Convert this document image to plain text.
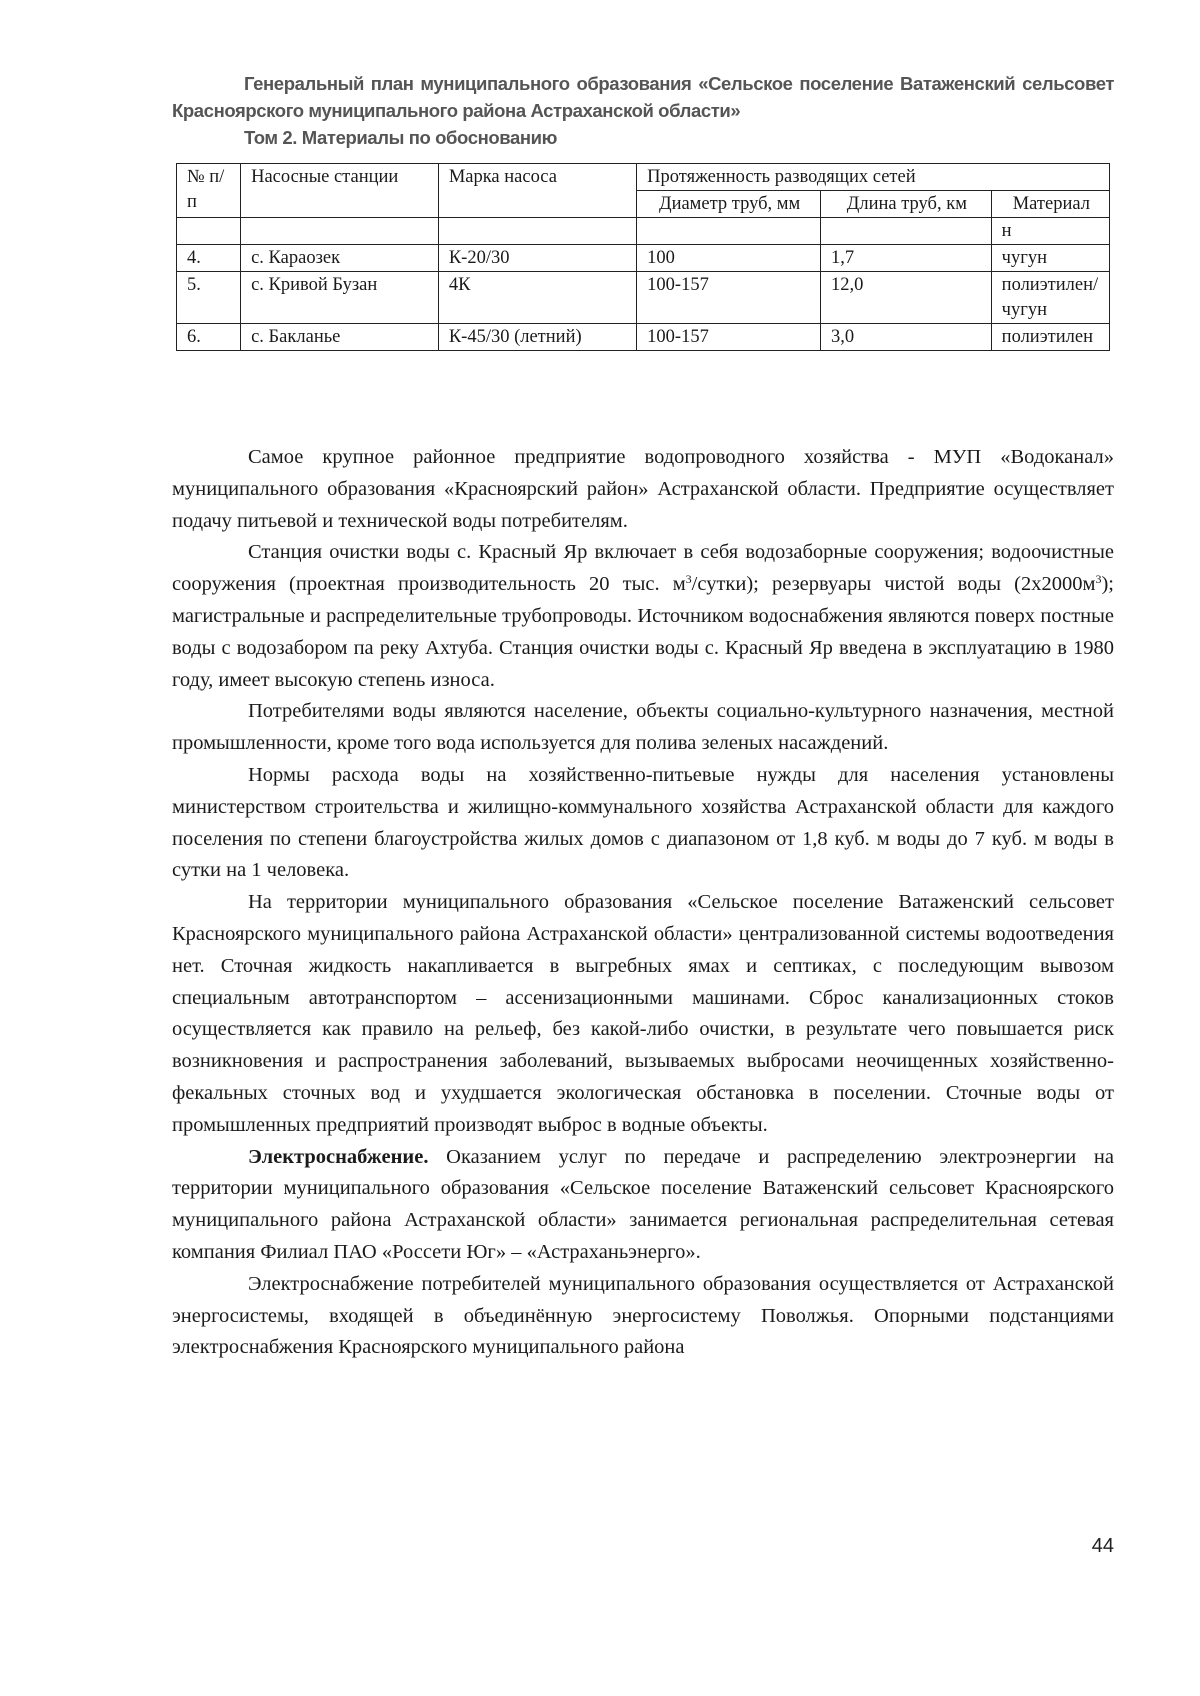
Генеральный план муниципального образования «Сельское поселение Ватаженский сельсовет Красноярского муниципального района Астраханской области»

Том 2. Материалы по обоснованию

№ п/п	Насосные станции	Марка насоса	Протяженность разводящих сетей		
			Диаметр труб, мм	Длина труб, км	Материал
					н
4.	с. Караозек	К-20/30	100	1,7	чугун
5.	с. Кривой Бузан	4К	100-157	12,0	полиэтилен/чугун
6.	с. Бакланье	К-45/30 (летний)	100-157	3,0	полиэтилен

Самое крупное районное предприятие водопроводного хозяйства - МУП «Водоканал» муниципального образования «Красноярский район» Астраханской области. Предприятие осуществляет подачу питьевой и технической воды потребителям.

Станция очистки воды с. Красный Яр включает в себя водозаборные сооружения; водоочистные сооружения (проектная производительность 20 тыс. $м^3/сутки$); резервуары чистой воды $(2х2000м^3)$; магистральные и распределительные трубопроводы. Источником водоснабжения являются поверх постные воды с водозабором па реку Ахтуба. Станция очистки воды с. Красный Яр введена в эксплуатацию в 1980 году, имеет высокую степень износа.

Потребителями воды являются население, объекты социально-культурного назначения, местной промышленности, кроме того вода используется для полива зеленых насаждений.

Нормы расхода воды на хозяйственно-питьевые нужды для населения установлены министерством строительства и жилищно-коммунального хозяйства Астраханской области для каждого поселения по степени благоустройства жилых домов с диапазоном от 1,8 куб. м воды до 7 куб. м воды в сутки на 1 человека.

На территории муниципального образования «Сельское поселение Ватаженский сельсовет Красноярского муниципального района Астраханской области» централизованной системы водоотведения нет. Сточная жидкость накапливается в выгребных ямах и септиках, с последующим вывозом специальным автотранспортом – ассенизационными машинами. Сброс канализационных стоков осуществляется как правило на рельеф, без какой-либо очистки, в результате чего повышается риск возникновения и распространения заболеваний, вызываемых выбросами неочищенных хозяйственно-фекальных сточных вод и ухудшается экологическая обстановка в поселении. Сточные воды от промышленных предприятий производят выброс в водные объекты.

Электроснабжение. Оказанием услуг по передаче и распределению электроэнергии на территории муниципального образования «Сельское поселение Ватаженский сельсовет Красноярского муниципального района Астраханской области» занимается региональная распределительная сетевая компания Филиал ПАО «Россети Юг» – «Астраханьэнерго».

Электроснабжение потребителей муниципального образования осуществляется от Астраханской энергосистемы, входящей в объединённую энергосистему Поволжья. Опорными подстанциями электроснабжения Красноярского муниципального района

44
